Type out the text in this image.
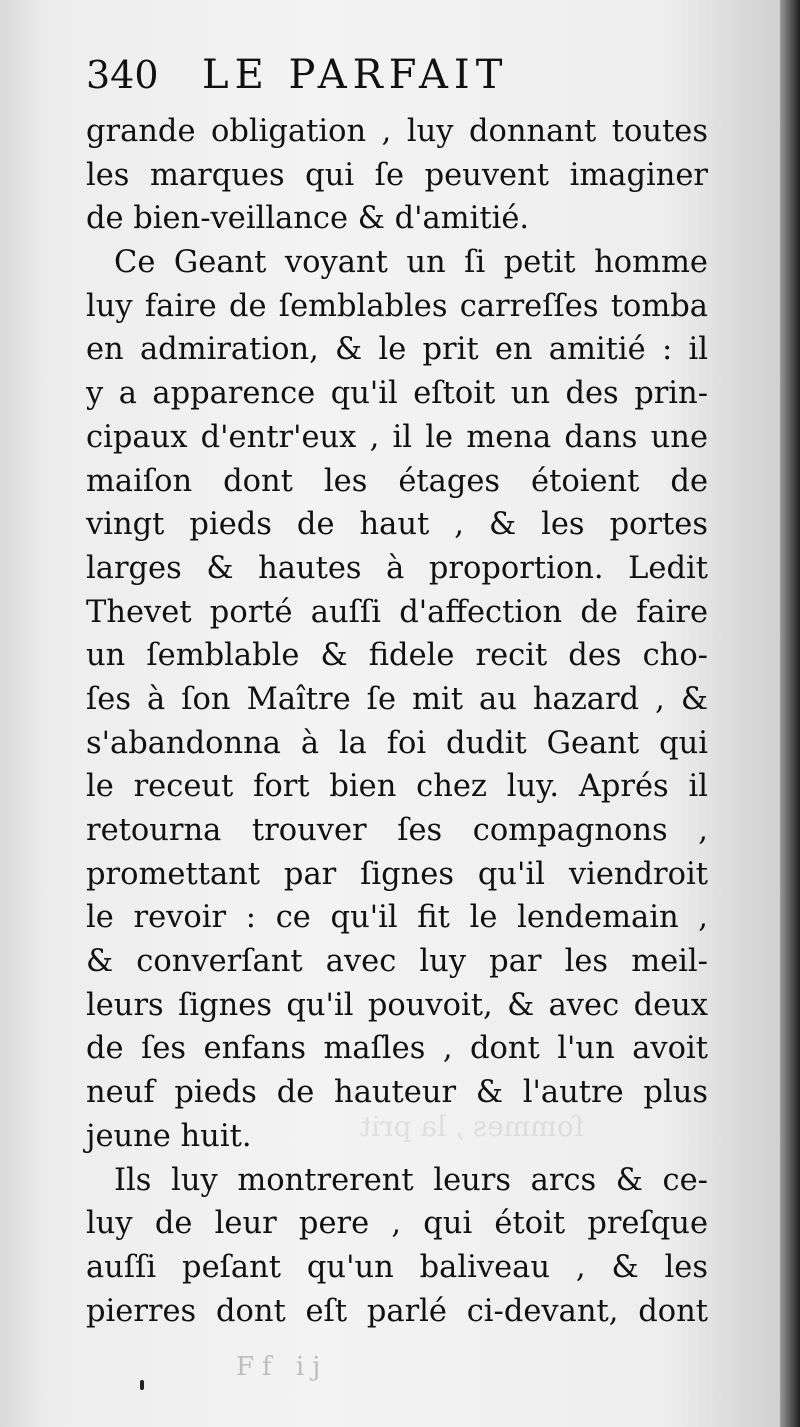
ſommes , la prit
340	LE PARFAIT
grande obligation , luy donnant toutes
les marques qui ſe peuvent imaginer
de bien-veillance & d'amitié.
Ce Geant voyant un ſi petit homme
luy faire de ſemblables carreſſes tomba
en admiration, & le prit en amitié : il
y a apparence qu'il eſtoit un des prin-
cipaux d'entr'eux , il le mena dans une
maiſon dont les étages étoient de
vingt pieds de haut , & les portes
larges & hautes à proportion. Ledit
Thevet porté auſſi d'affection de faire
un ſemblable & fidele recit des cho-
ſes à ſon Maître ſe mit au hazard , &
s'abandonna à la foi dudit Geant qui
le receut fort bien chez luy. Aprés il
retourna trouver ſes compagnons ,
promettant par ſignes qu'il viendroit
le revoir : ce qu'il fit le lendemain ,
& converſant avec luy par les meil-
leurs ſignes qu'il pouvoit, & avec deux
de ſes enfans maſles , dont l'un avoit
neuf pieds de hauteur & l'autre plus
jeune huit.
Ils luy montrerent leurs arcs & ce-
luy de leur pere , qui étoit preſque
auſſi peſant qu'un baliveau , & les
pierres dont eſt parlé ci-devant, dont
Ff ij
